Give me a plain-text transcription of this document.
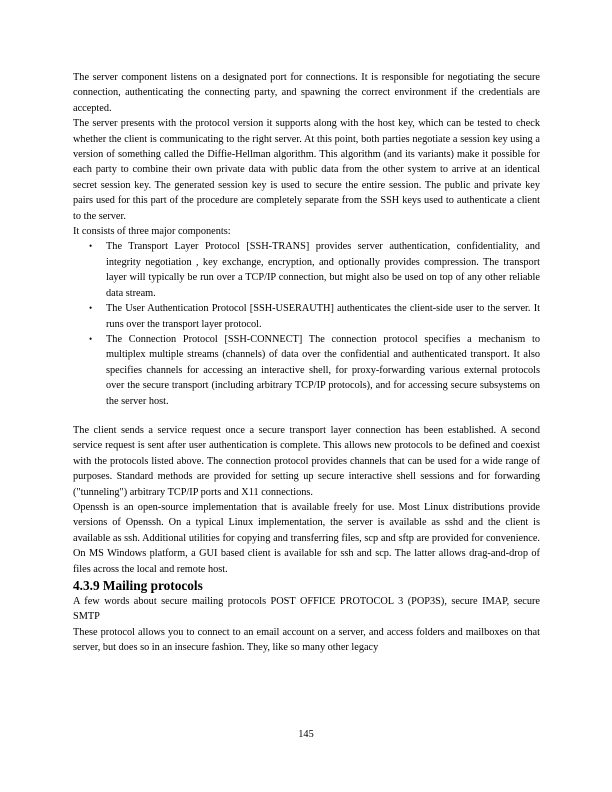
The server component listens on a designated port for connections. It is responsible for negotiating the secure connection, authenticating the connecting party, and spawning the correct environment if the credentials are accepted.

The server presents with the protocol version it supports along with the host key, which can be tested to check whether the client is communicating to the right server. At this point, both parties negotiate a session key using a version of something called the Diffie-Hellman algorithm. This algorithm (and its variants) make it possible for each party to combine their own private data with public data from the other system to arrive at an identical secret session key. The generated session key is used to secure the entire session. The public and private key pairs used for this part of the procedure are completely separate from the SSH keys used to authenticate a client to the server.

It consists of three major components:

• The Transport Layer Protocol [SSH-TRANS] provides server authentication, confidentiality, and integrity negotiation , key exchange, encryption, and optionally provides compression. The transport layer will typically be run over a TCP/IP connection, but might also be used on top of any other reliable data stream.
• The User Authentication Protocol [SSH-USERAUTH] authenticates the client-side user to the server. It runs over the transport layer protocol.
• The Connection Protocol [SSH-CONNECT] The connection protocol specifies a mechanism to multiplex multiple streams (channels) of data over the confidential and authenticated transport. It also specifies channels for accessing an interactive shell, for proxy-forwarding various external protocols over the secure transport (including arbitrary TCP/IP protocols), and for accessing secure subsystems on the server host.

The client sends a service request once a secure transport layer connection has been established. A second service request is sent after user authentication is complete. This allows new protocols to be defined and coexist with the protocols listed above. The connection protocol provides channels that can be used for a wide range of purposes. Standard methods are provided for setting up secure interactive shell sessions and for forwarding ("tunneling") arbitrary TCP/IP ports and X11 connections.

Openssh is an open-source implementation that is available freely for use. Most Linux distributions provide versions of Openssh. On a typical Linux implementation, the server is available as sshd and the client is available as ssh. Additional utilities for copying and transferring files, scp and sftp are provided for convenience. On MS Windows platform, a GUI based client is available for ssh and scp. The latter allows drag-and-drop of files across the local and remote host.

4.3.9 Mailing protocols

A few words about secure mailing protocols POST OFFICE PROTOCOL 3 (POP3S), secure IMAP, secure SMTP

These protocol allows you to connect to an email account on a server, and access folders and mailboxes on that server, but does so in an insecure fashion. They, like so many other legacy

145
